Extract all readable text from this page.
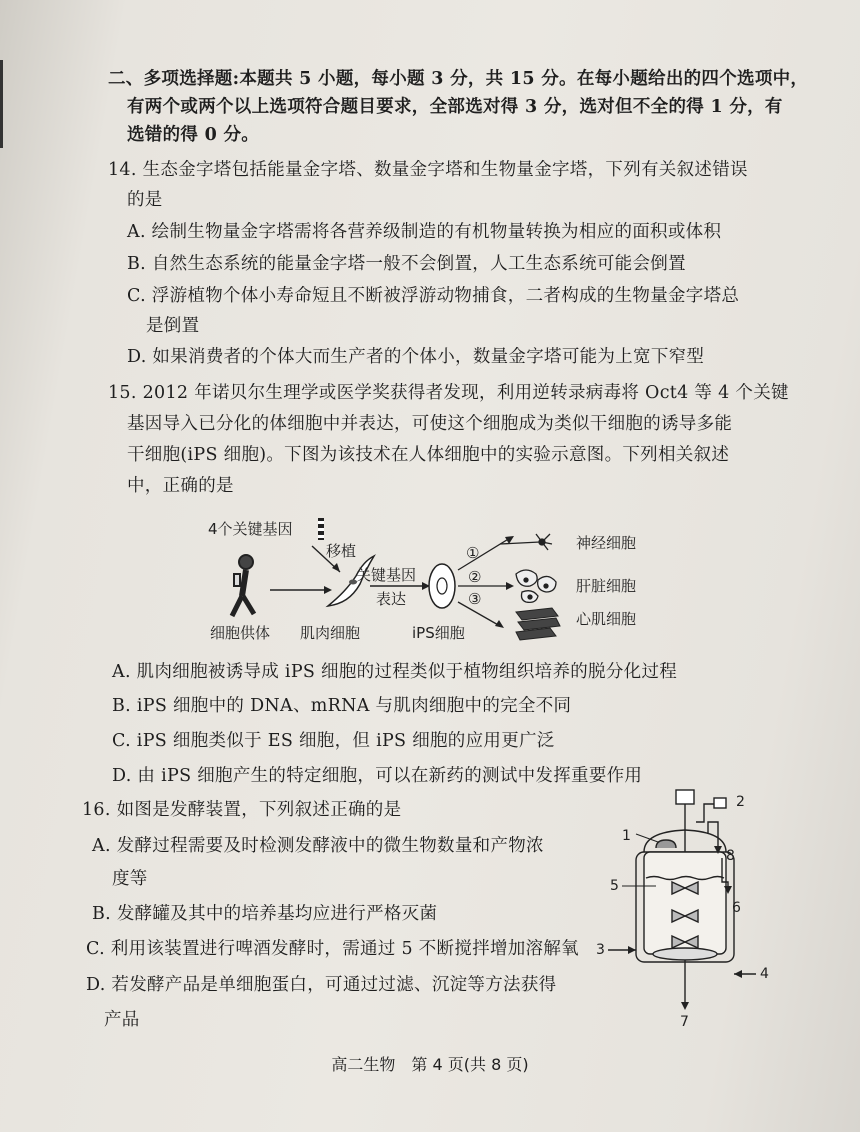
二、多项选择题:本题共 5 小题，每小题 3 分，共 15 分。在每小题给出的四个选项中，
有两个或两个以上选项符合题目要求，全部选对得 3 分，选对但不全的得 1 分，有
选错的得 0 分。
14. 生态金字塔包括能量金字塔、数量金字塔和生物量金字塔，下列有关叙述错误
的是
A. 绘制生物量金字塔需将各营养级制造的有机物量转换为相应的面积或体积
B. 自然生态系统的能量金字塔一般不会倒置，人工生态系统可能会倒置
C. 浮游植物个体小寿命短且不断被浮游动物捕食，二者构成的生物量金字塔总
是倒置
D. 如果消费者的个体大而生产者的个体小，数量金字塔可能为上宽下窄型
15. 2012 年诺贝尔生理学或医学奖获得者发现，利用逆转录病毒将 Oct4 等 4 个关键
基因导入已分化的体细胞中并表达，可使这个细胞成为类似干细胞的诱导多能
干细胞(iPS 细胞)。下图为该技术在人体细胞中的实验示意图。下列相关叙述
中，正确的是
4个关键基因
移植
关键基因
表达
①
②
③
神经细胞
肝脏细胞
心肌细胞
细胞供体 肌肉细胞	iPS细胞
A. 肌肉细胞被诱导成 iPS 细胞的过程类似于植物组织培养的脱分化过程
B. iPS 细胞中的 DNA、mRNA 与肌肉细胞中的完全不同
C. iPS 细胞类似于 ES 细胞，但 iPS 细胞的应用更广泛
D. 由 iPS 细胞产生的特定细胞，可以在新药的测试中发挥重要作用
16. 如图是发酵装置，下列叙述正确的是
A. 发酵过程需要及时检测发酵液中的微生物数量和产物浓
度等
B. 发酵罐及其中的培养基均应进行严格灭菌
C. 利用该装置进行啤酒发酵时，需通过 5 不断搅拌增加溶解氧
D. 若发酵产品是单细胞蛋白，可通过过滤、沉淀等方法获得
产品
1
2
3
4
5
6
7
8
高二生物　第 4 页(共 8 页)
